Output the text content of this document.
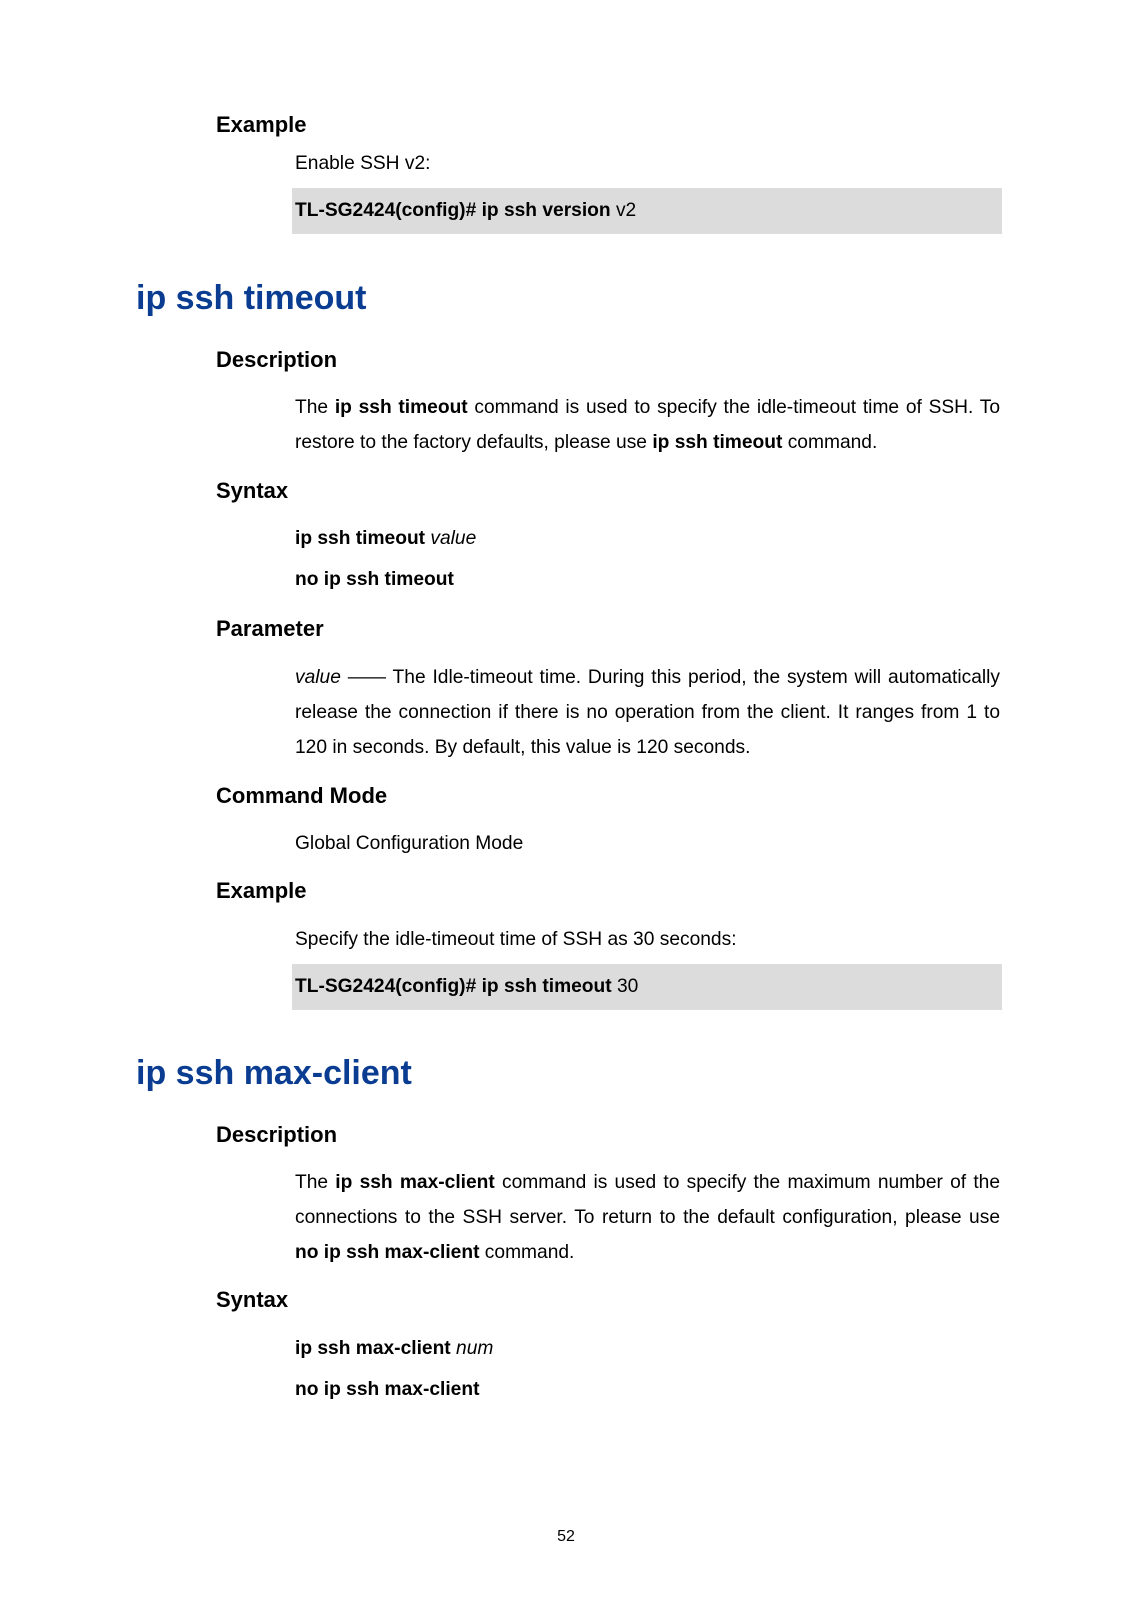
Example
Enable SSH v2:
TL-SG2424(config)# ip ssh version v2
ip ssh timeout
Description
The ip ssh timeout command is used to specify the idle-timeout time of SSH. To restore to the factory defaults, please use ip ssh timeout command.
Syntax
ip ssh timeout value
no ip ssh timeout
Parameter
value —— The Idle-timeout time. During this period, the system will automatically release the connection if there is no operation from the client. It ranges from 1 to 120 in seconds. By default, this value is 120 seconds.
Command Mode
Global Configuration Mode
Example
Specify the idle-timeout time of SSH as 30 seconds:
TL-SG2424(config)# ip ssh timeout 30
ip ssh max-client
Description
The ip ssh max-client command is used to specify the maximum number of the connections to the SSH server. To return to the default configuration, please use no ip ssh max-client command.
Syntax
ip ssh max-client num
no ip ssh max-client
52
